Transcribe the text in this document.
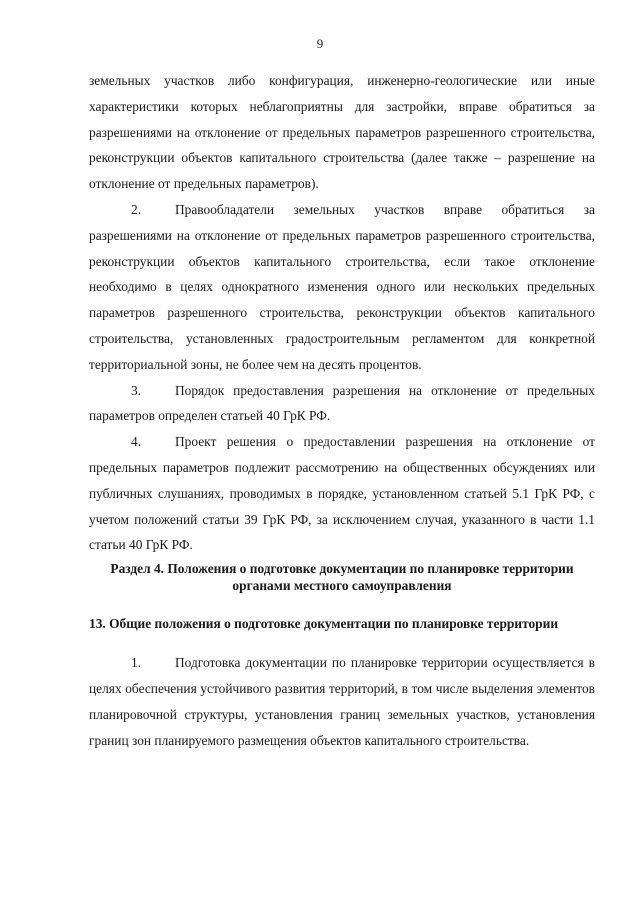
9

земельных участков либо конфигурация, инженерно-геологические или иные характеристики которых неблагоприятны для застройки, вправе обратиться за разрешениями на отклонение от предельных параметров разрешенного строительства, реконструкции объектов капитального строительства (далее также – разрешение на отклонение от предельных параметров).

2.	Правообладатели земельных участков вправе обратиться за разрешениями на отклонение от предельных параметров разрешенного строительства, реконструкции объектов капитального строительства, если такое отклонение необходимо в целях однократного изменения одного или нескольких предельных параметров разрешенного строительства, реконструкции объектов капитального строительства, установленных градостроительным регламентом для конкретной территориальной зоны, не более чем на десять процентов.

3.	Порядок предоставления разрешения на отклонение от предельных параметров определен статьей 40 ГрК РФ.

4.	Проект решения о предоставлении разрешения на отклонение от предельных параметров подлежит рассмотрению на общественных обсуждениях или публичных слушаниях, проводимых в порядке, установленном статьей 5.1 ГрК РФ, с учетом положений статьи 39 ГрК РФ, за исключением случая, указанного в части 1.1 статьи 40 ГрК РФ.

Раздел 4. Положения о подготовке документации по планировке территории органами местного самоуправления
13. Общие положения о подготовке документации по планировке территории

1.	Подготовка документации по планировке территории осуществляется в целях обеспечения устойчивого развития территорий, в том числе выделения элементов планировочной структуры, установления границ земельных участков, установления границ зон планируемого размещения объектов капитального строительства.
